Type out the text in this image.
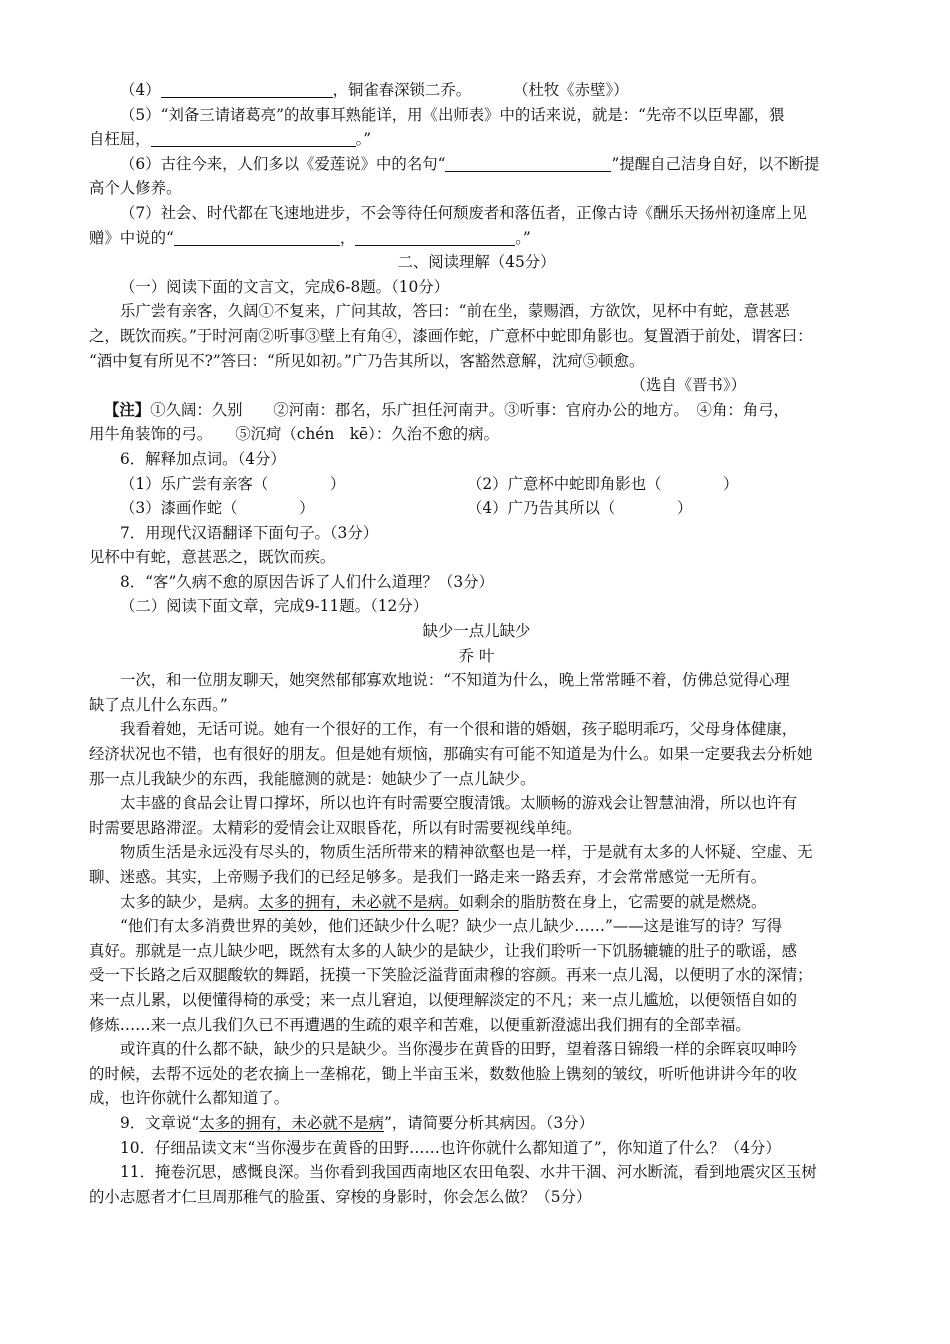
（4）	，铜雀春深锁二乔。	（杜牧《赤壁》）

（5）“刘备三请诸葛亮”的故事耳熟能详，用《出师表》中的话来说，就是：“先帝不以臣卑鄙，猥

自枉屈，	。”

（6）古往今来，人们多以《爱莲说》中的名句“	”提醒自己洁身自好，以不断提

高个人修养。

（7）社会、时代都在飞速地进步，不会等待任何颓废者和落伍者，正像古诗《酬乐天扬州初逢席上见

赠》中说的“	，	。”

二、阅读理解（45分）

（一）阅读下面的文言文，完成6-8题。（10分）

乐广尝有亲客，久阔①不复来，广问其故，答曰：“前在坐，蒙赐酒，方欲饮，见杯中有蛇，意甚恶

之，既饮而疾。”于时河南②听事③壁上有角④，漆画作蛇，广意杯中蛇即角影也。复置酒于前处，谓客曰：

“酒中复有所见不?”答曰：“所见如初。”广乃告其所以，客豁然意解，沈疴⑤顿愈。

（选自《晋书》）

【注】①久阔：久别　　②河南：郡名，乐广担任河南尹。③听事：官府办公的地方。　④角：角弓，

用牛角装饰的弓。　　⑤沉疴（chén　kē）：久治不愈的病。

6．解释加点词。（4分）

（1）乐广尝有亲客（　　　　）	（2）广意杯中蛇即角影也（　　　　）
（3）漆画作蛇（　　　　）	（4）广乃告其所以（　　　　）

7．用现代汉语翻译下面句子。（3分）

见杯中有蛇，意甚恶之，既饮而疾。

8．“客”久病不愈的原因告诉了人们什么道理？（3分）

（二）阅读下面文章，完成9-11题。（12分）

缺少一点儿缺少

乔 叶

一次，和一位朋友聊天，她突然郁郁寡欢地说：“不知道为什么，晚上常常睡不着，仿佛总觉得心理

缺了点儿什么东西。”

我看着她，无话可说。她有一个很好的工作，有一个很和谐的婚姻，孩子聪明乖巧，父母身体健康，

经济状况也不错，也有很好的朋友。但是她有烦恼，那确实有可能不知道是为什么。如果一定要我去分析她

那一点儿我缺少的东西，我能臆测的就是：她缺少了一点儿缺少。

太丰盛的食品会让胃口撑坏，所以也许有时需要空腹清饿。太顺畅的游戏会让智慧油滑，所以也许有

时需要思路滞涩。太精彩的爱情会让双眼昏花，所以有时需要视线单纯。

物质生活是永远没有尽头的，物质生活所带来的精神欲壑也是一样，于是就有太多的人怀疑、空虚、无

聊、迷惑。其实，上帝赐予我们的已经足够多。是我们一路走来一路丢弃，才会常常感觉一无所有。

太多的缺少，是病。太多的拥有，未必就不是病。如剩余的脂肪赘在身上，它需要的就是燃烧。

“他们有太多消费世界的美妙，他们还缺少什么呢？缺少一点儿缺少……”——这是谁写的诗？写得

真好。那就是一点儿缺少吧，既然有太多的人缺少的是缺少，让我们聆听一下饥肠辘辘的肚子的歌谣，感

受一下长路之后双腿酸软的舞蹈，抚摸一下笑脸泛溢背面肃穆的容颜。再来一点儿渴，以便明了水的深情；

来一点儿累，以便懂得椅的承受；来一点儿窘迫，以便理解淡定的不凡；来一点儿尴尬，以便领悟自如的

修炼……来一点儿我们久已不再遭遇的生疏的艰辛和苦难，以便重新澄滤出我们拥有的全部幸福。

或许真的什么都不缺，缺少的只是缺少。当你漫步在黄昏的田野，望着落日锦缎一样的余晖哀叹呻吟

的时候，去帮不远处的老农摘上一垄棉花，锄上半亩玉米，数数他脸上镌刻的皱纹，听听他讲讲今年的收

成，也许你就什么都知道了。

9．文章说“太多的拥有，未必就不是病”，请简要分析其病因。（3分）

10．仔细品读文末“当你漫步在黄昏的田野……也许你就什么都知道了”，你知道了什么？（4分）

11．掩卷沉思，感慨良深。当你看到我国西南地区农田龟裂、水井干涸、河水断流，看到地震灾区玉树

的小志愿者才仁旦周那稚气的脸蛋、穿梭的身影时，你会怎么做？（5分）
